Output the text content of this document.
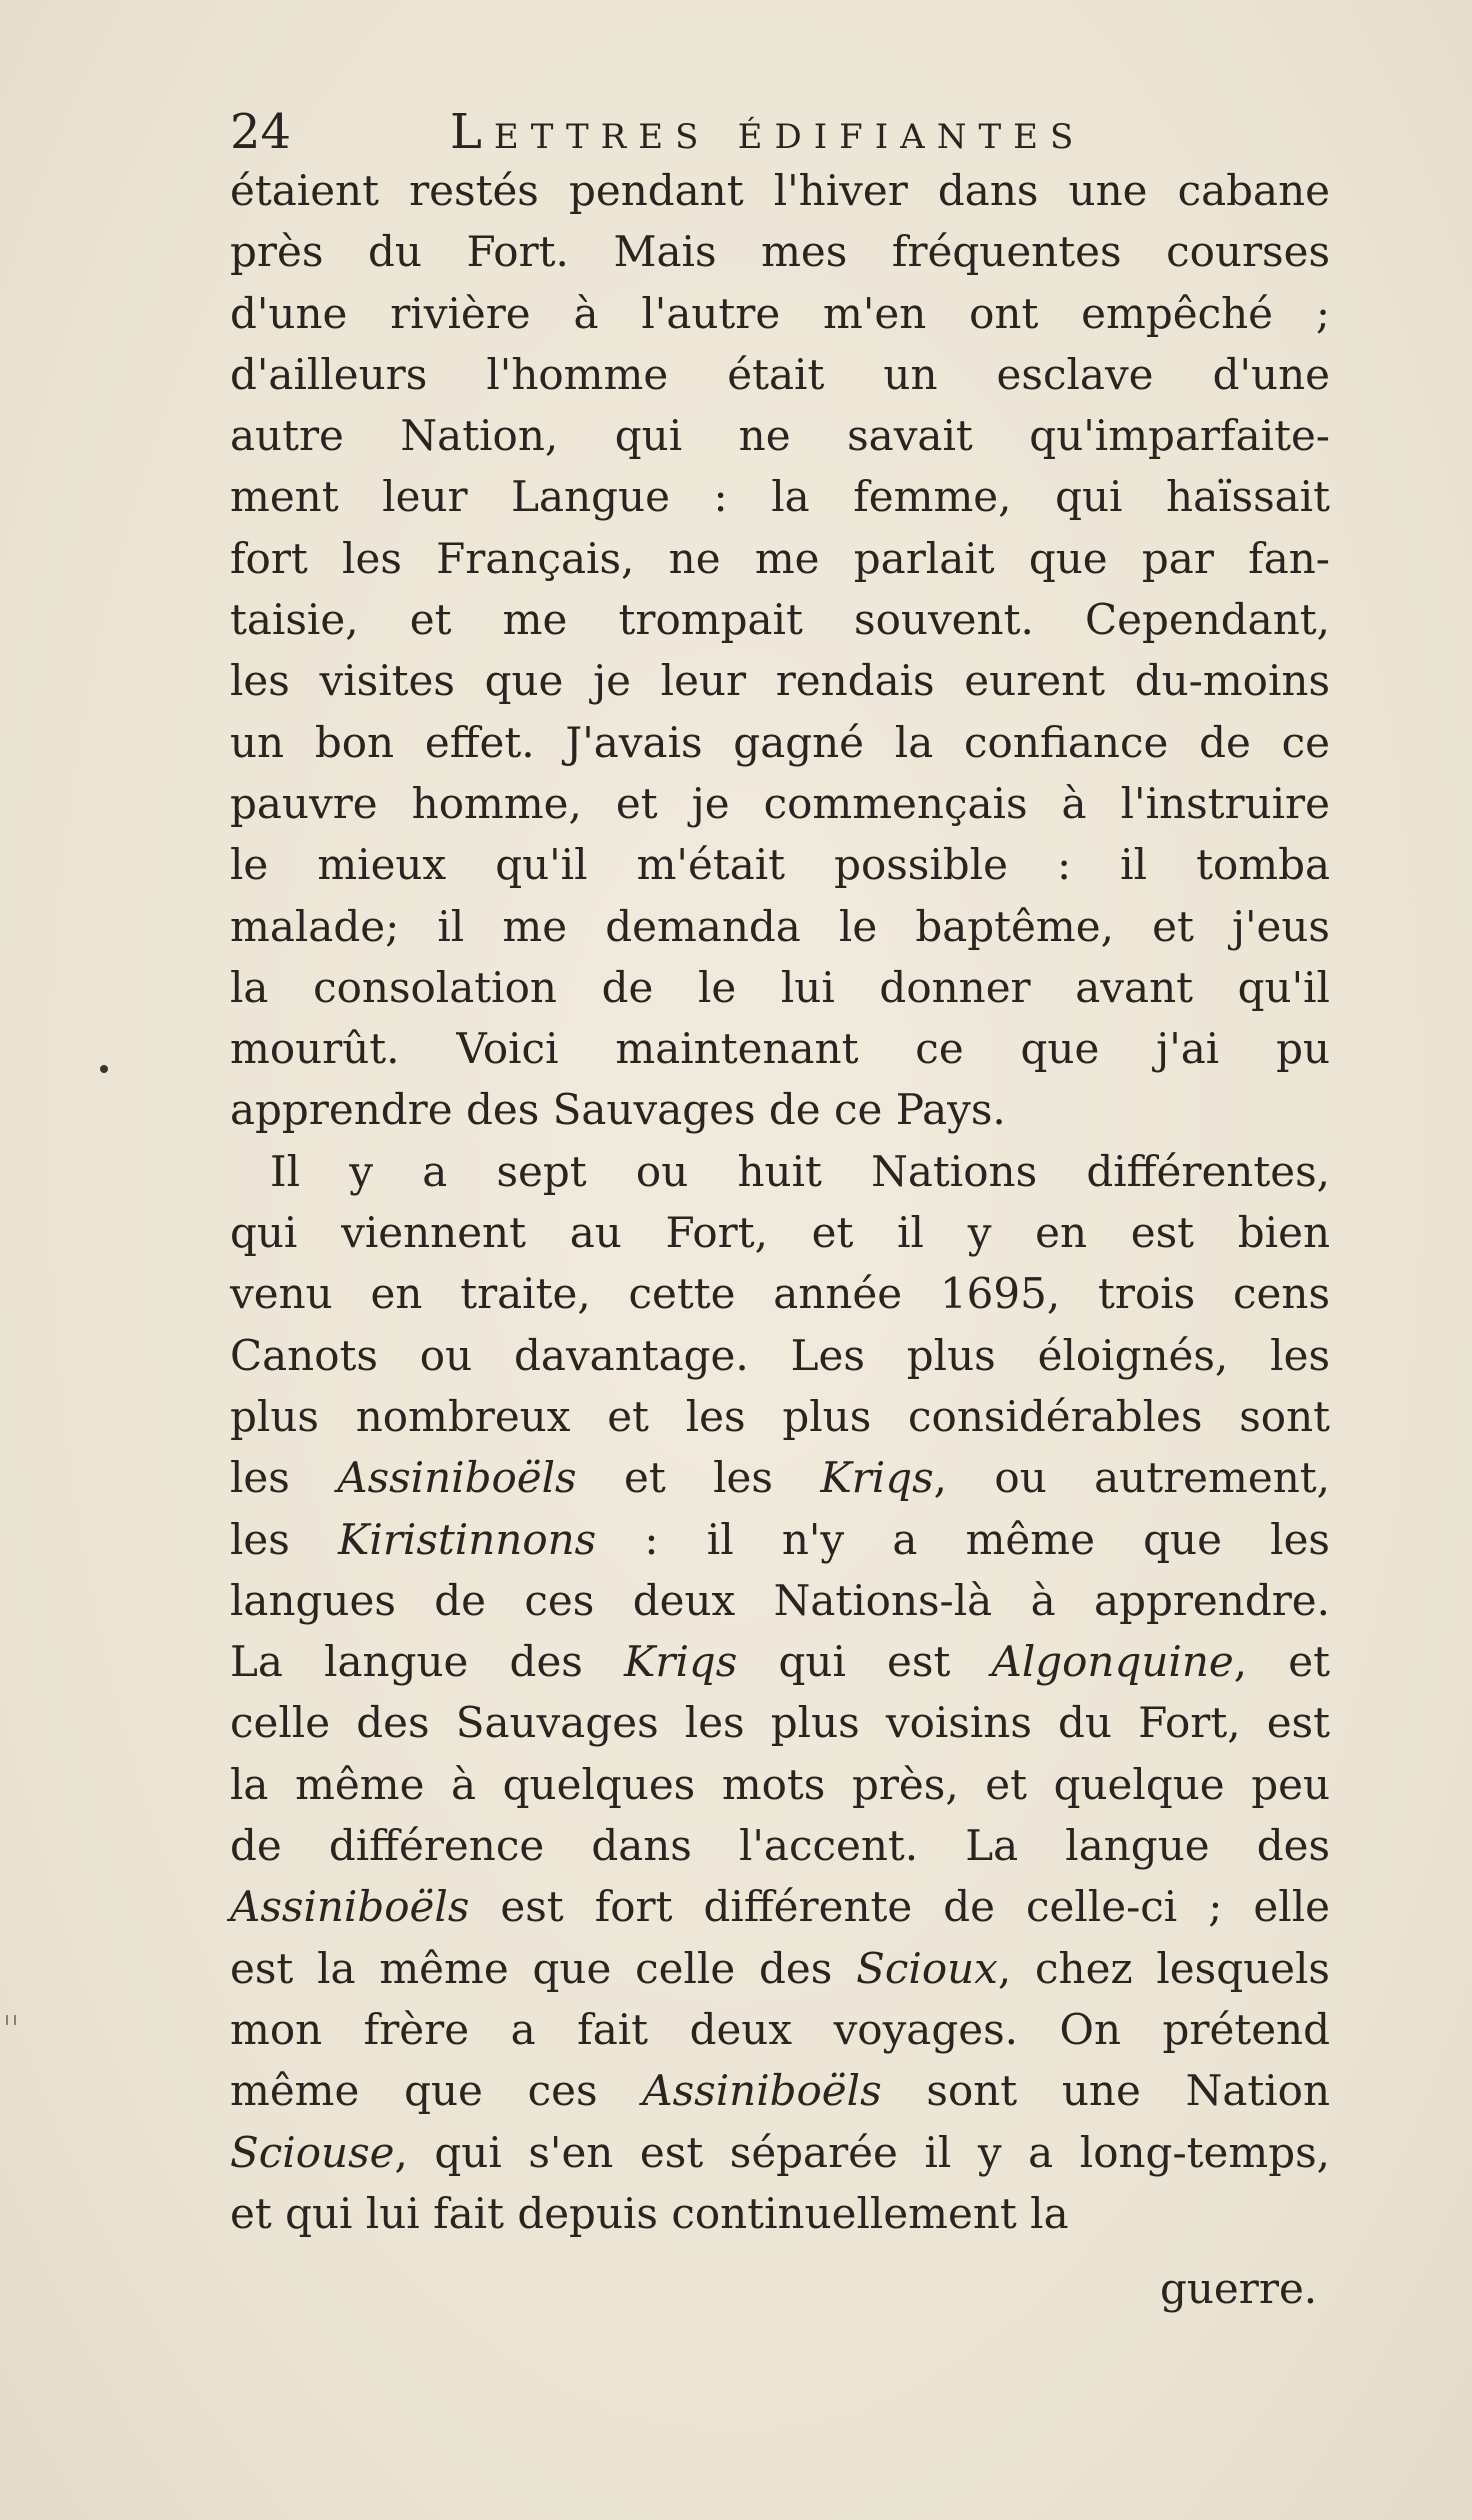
24	Lettres édifiantes
étaient restés pendant l'hiver dans une cabane
près du Fort. Mais mes fréquentes courses
d'une rivière à l'autre m'en ont empêché ;
d'ailleurs l'homme était un esclave d'une
autre Nation, qui ne savait qu'imparfaite-
ment leur Langue : la femme, qui haïssait
fort les Français, ne me parlait que par fan-
taisie, et me trompait souvent. Cependant,
les visites que je leur rendais eurent du-moins
un bon effet. J'avais gagné la confiance de ce
pauvre homme, et je commençais à l'instruire
le mieux qu'il m'était possible : il tomba
malade; il me demanda le baptême, et j'eus
la consolation de le lui donner avant qu'il
mourût. Voici maintenant ce que j'ai pu
apprendre des Sauvages de ce Pays.
Il y a sept ou huit Nations différentes,
qui viennent au Fort, et il y en est bien
venu en traite, cette année 1695, trois cens
Canots ou davantage. Les plus éloignés, les
plus nombreux et les plus considérables sont
les Assiniboëls et les Kriqs, ou autrement,
les Kiristinnons : il n'y a même que les
langues de ces deux Nations-là à apprendre.
La langue des Kriqs qui est Algonquine, et
celle des Sauvages les plus voisins du Fort, est
la même à quelques mots près, et quelque peu
de différence dans l'accent. La langue des
Assiniboëls est fort différente de celle-ci ; elle
est la même que celle des Scioux, chez lesquels
mon frère a fait deux voyages. On prétend
même que ces Assiniboëls sont une Nation
Sciouse, qui s'en est séparée il y a long-temps,
et qui lui fait depuis continuellement la
guerre.
